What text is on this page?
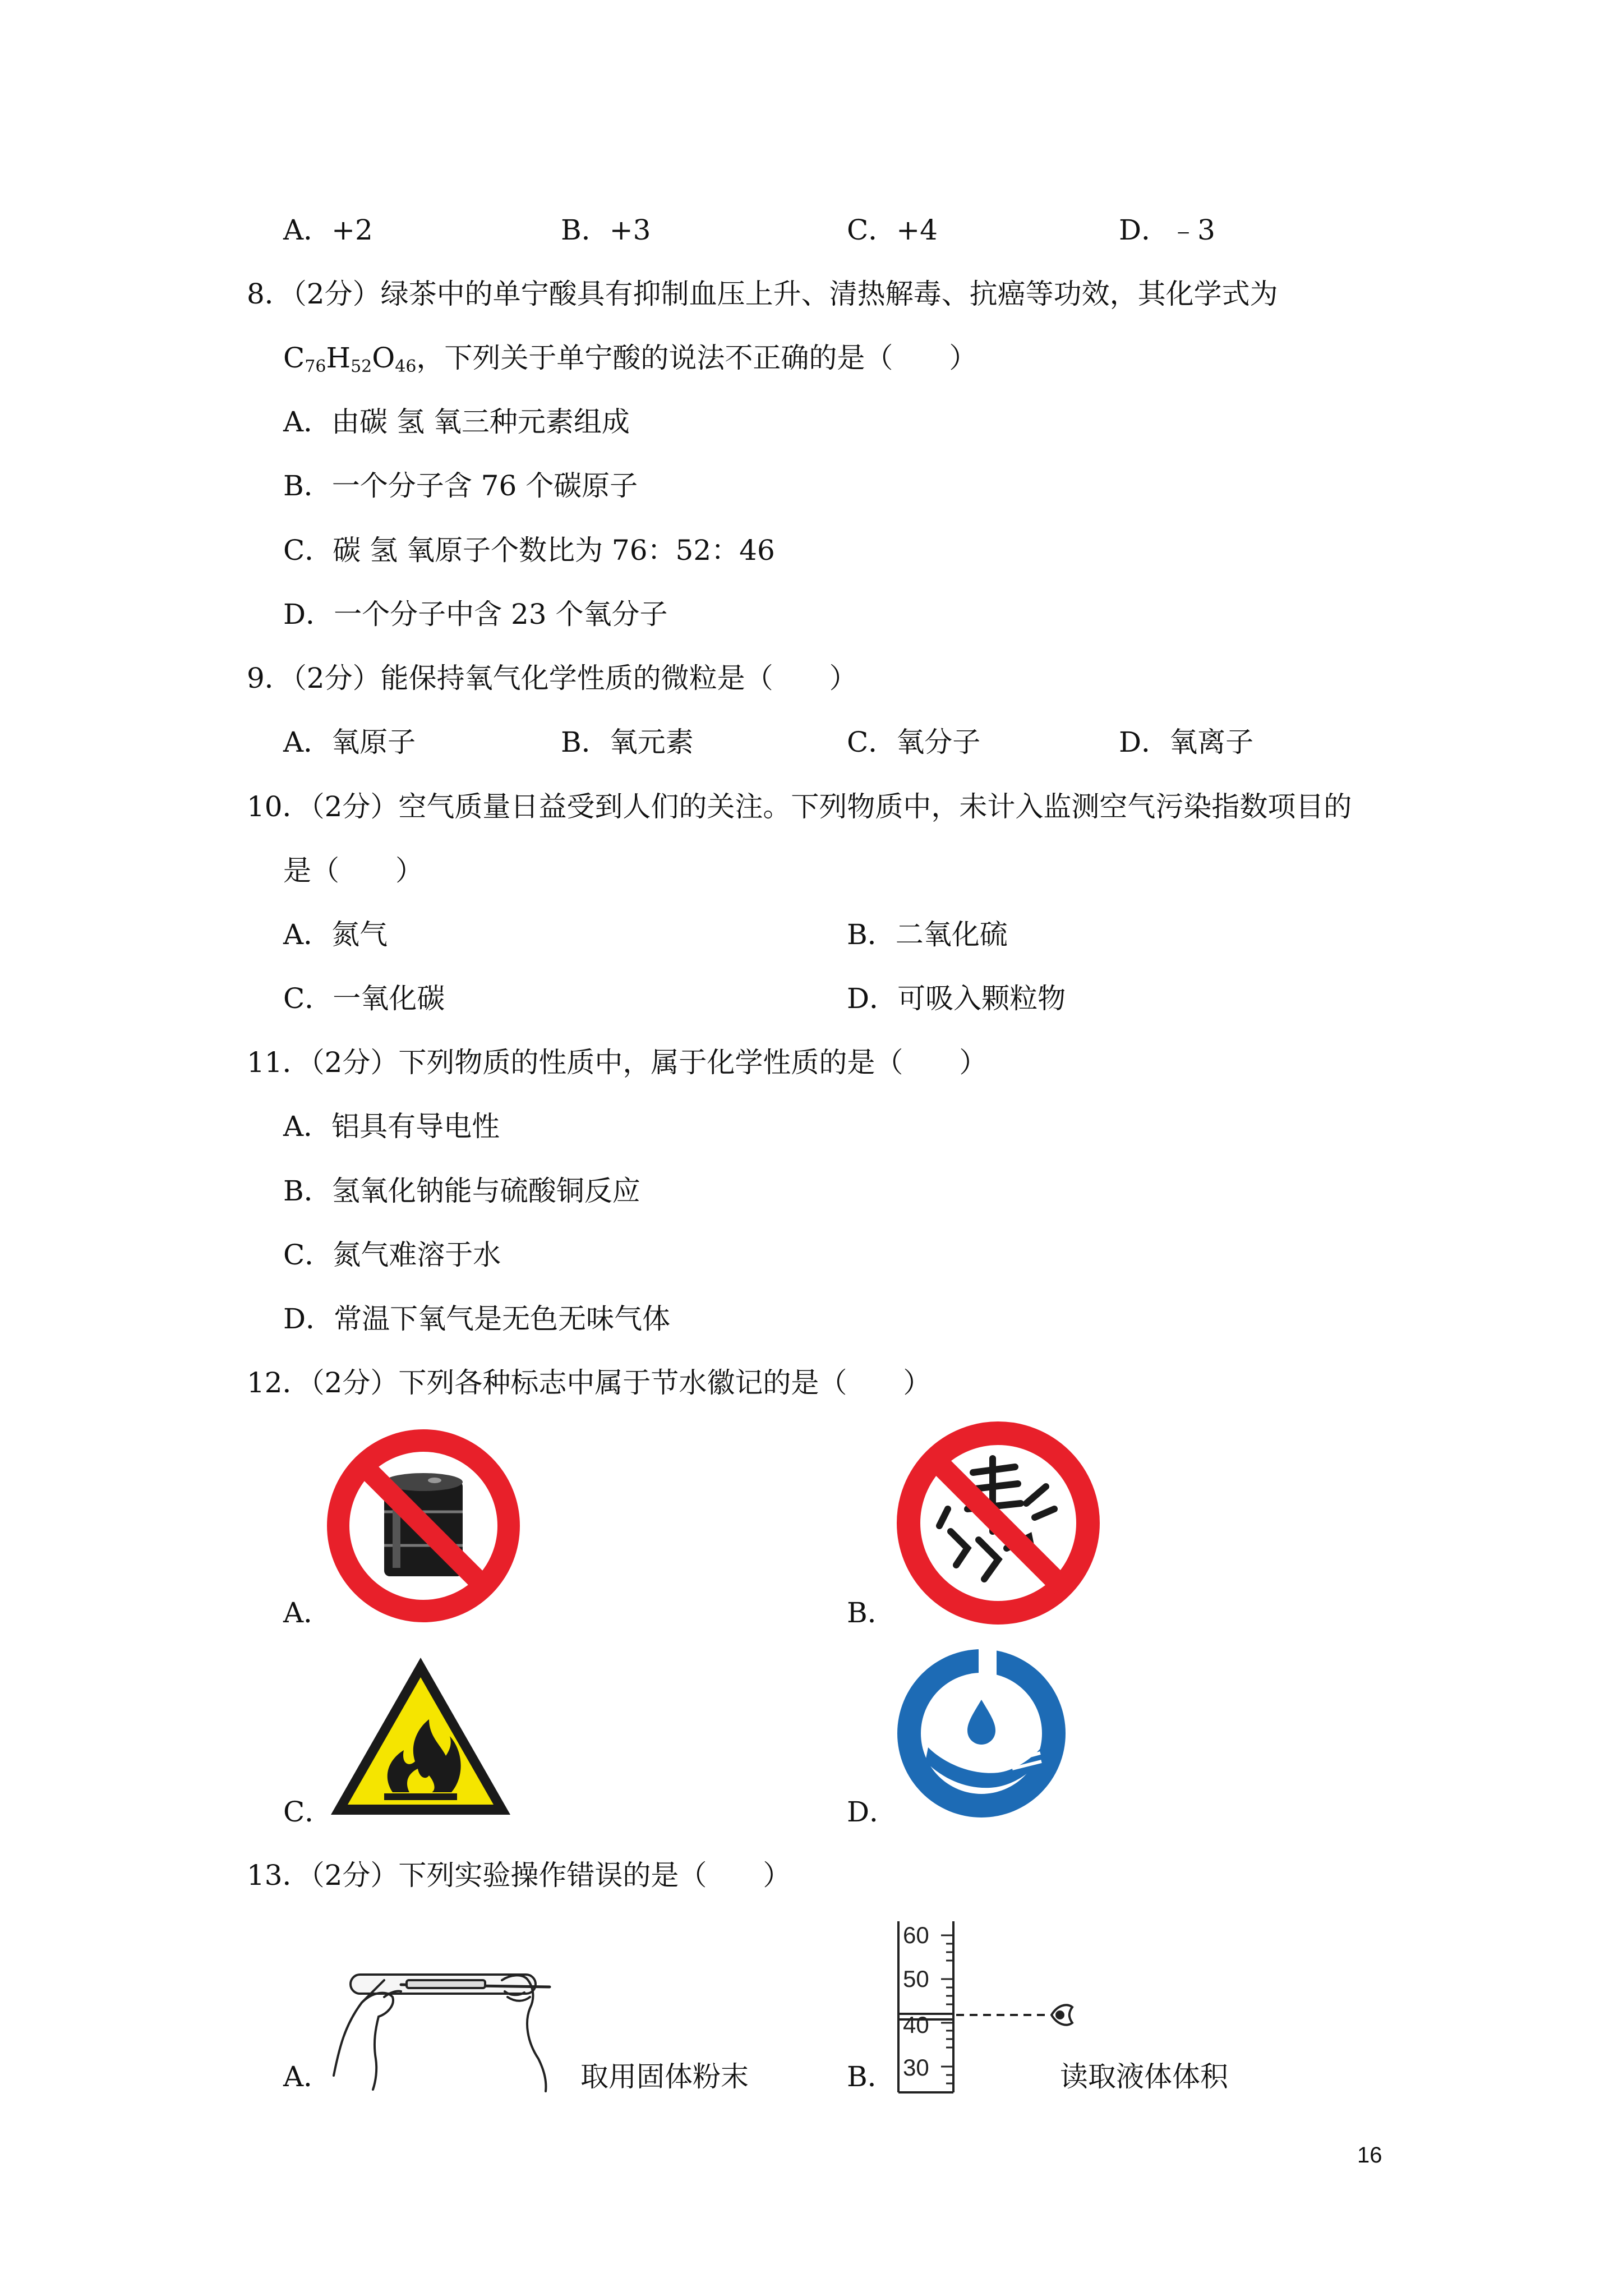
A．+2	B．+3	C．+4	D．﹣3
8．（2分）绿茶中的单宁酸具有抑制血压上升、清热解毒、抗癌等功效，其化学式为
$C_{76}H_{52}O_{46}$，下列关于单宁酸的说法不正确的是（　　）
A．由碳 氢 氧三种元素组成
B．一个分子含 76 个碳原子
C．碳 氢 氧原子个数比为 76：52：46
D．一个分子中含 23 个氧分子
9．（2分）能保持氧气化学性质的微粒是（　　）
A．氧原子	B．氧元素	C．氧分子	D．氧离子
10．（2分）空气质量日益受到人们的关注。下列物质中，未计入监测空气污染指数项目的
是（　　）
A．氮气	B．二氧化硫
C．一氧化碳	D．可吸入颗粒物
11．（2分）下列物质的性质中，属于化学性质的是（　　）
A．铝具有导电性
B．氢氧化钠能与硫酸铜反应
C．氮气难溶于水
D．常温下氧气是无色无味气体
12．（2分）下列各种标志中属于节水徽记的是（　　）
A．	B．
C．	D．
13．（2分）下列实验操作错误的是（　　）
A．	取用固体粉末
60
50
40
30
B．	读取液体体积
16
